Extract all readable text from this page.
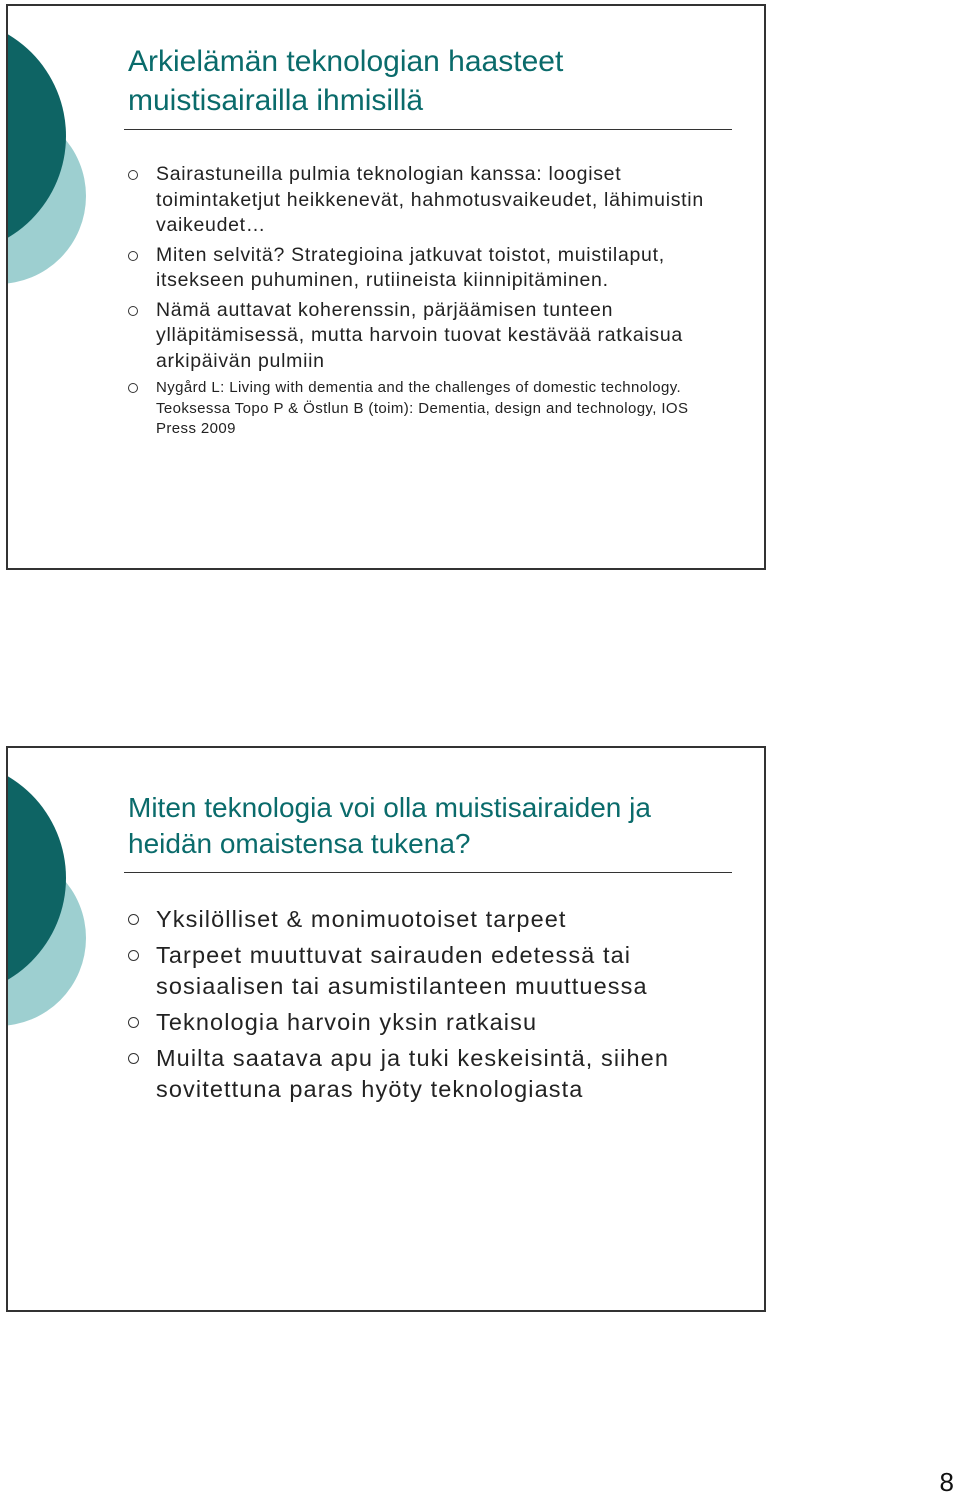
Arkielämän teknologian haasteet
muistisairailla ihmisillä
Sairastuneilla pulmia teknologian kanssa: loogiset toimintaketjut heikkenevät, hahmotusvaikeudet, lähimuistin vaikeudet…
Miten selvitä? Strategioina jatkuvat toistot, muistilaput, itsekseen puhuminen, rutiineista kiinnipitäminen.
Nämä auttavat koherenssin, pärjäämisen tunteen ylläpitämisessä, mutta harvoin tuovat kestävää ratkaisua arkipäivän pulmiin
Nygård L: Living with dementia and the challenges of domestic technology. Teoksessa Topo P & Östlun B (toim): Dementia, design and technology, IOS Press 2009
Miten teknologia voi olla muistisairaiden ja
heidän omaistensa tukena?
Yksilölliset & monimuotoiset tarpeet
Tarpeet muuttuvat sairauden edetessä tai sosiaalisen tai asumistilanteen muuttuessa
Teknologia harvoin yksin ratkaisu
Muilta saatava apu ja tuki keskeisintä, siihen sovitettuna paras hyöty teknologiasta
8
